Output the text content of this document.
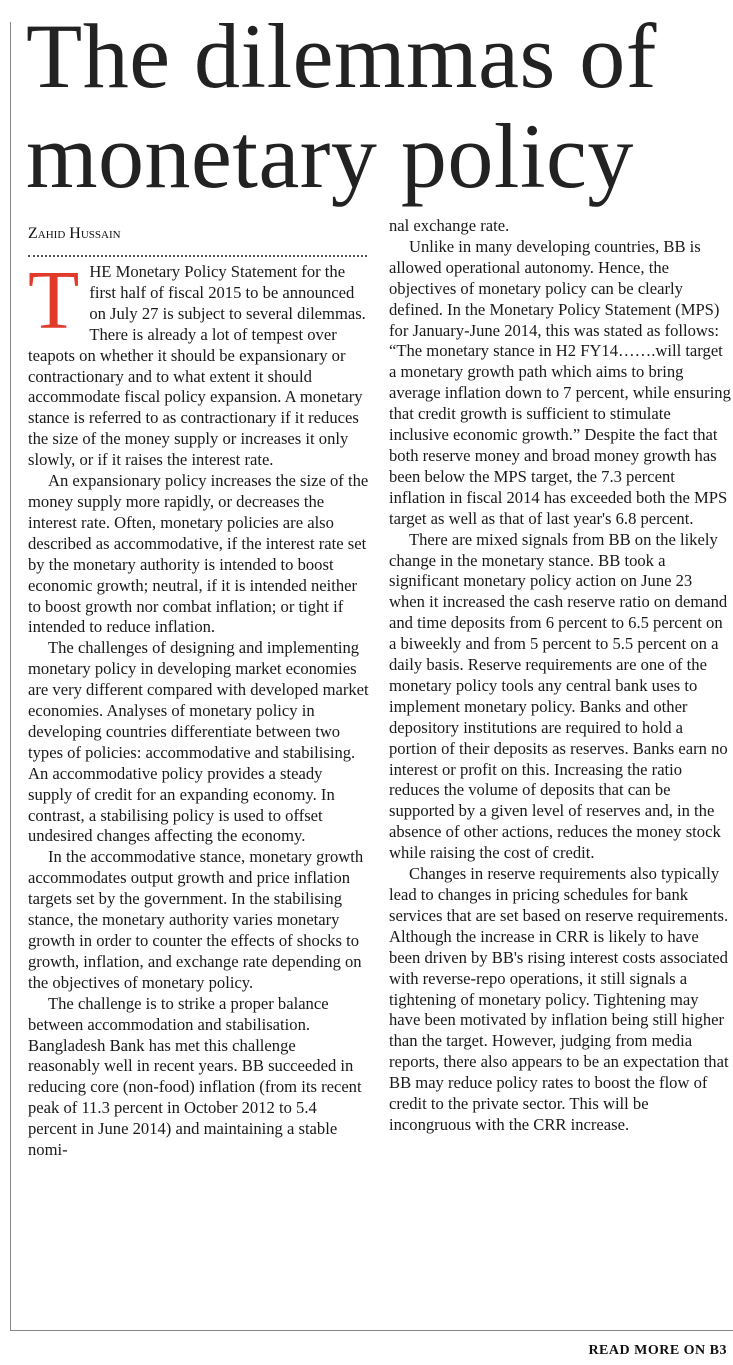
The dilemmas of monetary policy
Zahid Hussain

THE Monetary Policy Statement for the first half of fiscal 2015 to be announced on July 27 is subject to several dilemmas. There is already a lot of tempest over teapots on whether it should be expansionary or contractionary and to what extent it should accommodate fiscal policy expansion. A monetary stance is referred to as contractionary if it reduces the size of the money supply or increases it only slowly, or if it raises the interest rate.

An expansionary policy increases the size of the money supply more rapidly, or decreases the interest rate. Often, monetary policies are also described as accommodative, if the interest rate set by the monetary authority is intended to boost economic growth; neutral, if it is intended neither to boost growth nor combat inflation; or tight if intended to reduce inflation.

The challenges of designing and implementing monetary policy in developing market economies are very different compared with developed market economies. Analyses of monetary policy in developing countries differentiate between two types of policies: accommodative and stabilising. An accommodative policy provides a steady supply of credit for an expanding economy. In contrast, a stabilising policy is used to offset undesired changes affecting the economy.

In the accommodative stance, monetary growth accommodates output growth and price inflation targets set by the government. In the stabilising stance, the monetary authority varies monetary growth in order to counter the effects of shocks to growth, inflation, and exchange rate depending on the objectives of monetary policy.

The challenge is to strike a proper balance between accommodation and stabilisation. Bangladesh Bank has met this challenge reasonably well in recent years. BB succeeded in reducing core (non-food) inflation (from its recent peak of 11.3 percent in October 2012 to 5.4 percent in June 2014) and maintaining a stable nomi-

nal exchange rate.

Unlike in many developing countries, BB is allowed operational autonomy. Hence, the objectives of monetary policy can be clearly defined. In the Monetary Policy Statement (MPS) for January-June 2014, this was stated as follows: “The monetary stance in H2 FY14…….will target a monetary growth path which aims to bring average inflation down to 7 percent, while ensuring that credit growth is sufficient to stimulate inclusive economic growth.” Despite the fact that both reserve money and broad money growth has been below the MPS target, the 7.3 percent inflation in fiscal 2014 has exceeded both the MPS target as well as that of last year's 6.8 percent.

There are mixed signals from BB on the likely change in the monetary stance. BB took a significant monetary policy action on June 23 when it increased the cash reserve ratio on demand and time deposits from 6 percent to 6.5 percent on a biweekly and from 5 percent to 5.5 percent on a daily basis. Reserve requirements are one of the monetary policy tools any central bank uses to implement monetary policy. Banks and other depository institutions are required to hold a portion of their deposits as reserves. Banks earn no interest or profit on this. Increasing the ratio reduces the volume of deposits that can be supported by a given level of reserves and, in the absence of other actions, reduces the money stock while raising the cost of credit.

Changes in reserve requirements also typically lead to changes in pricing schedules for bank services that are set based on reserve requirements. Although the increase in CRR is likely to have been driven by BB's rising interest costs associated with reverse-repo operations, it still signals a tightening of monetary policy. Tightening may have been motivated by inflation being still higher than the target. However, judging from media reports, there also appears to be an expectation that BB may reduce policy rates to boost the flow of credit to the private sector. This will be incongruous with the CRR increase.

READ MORE ON B3
